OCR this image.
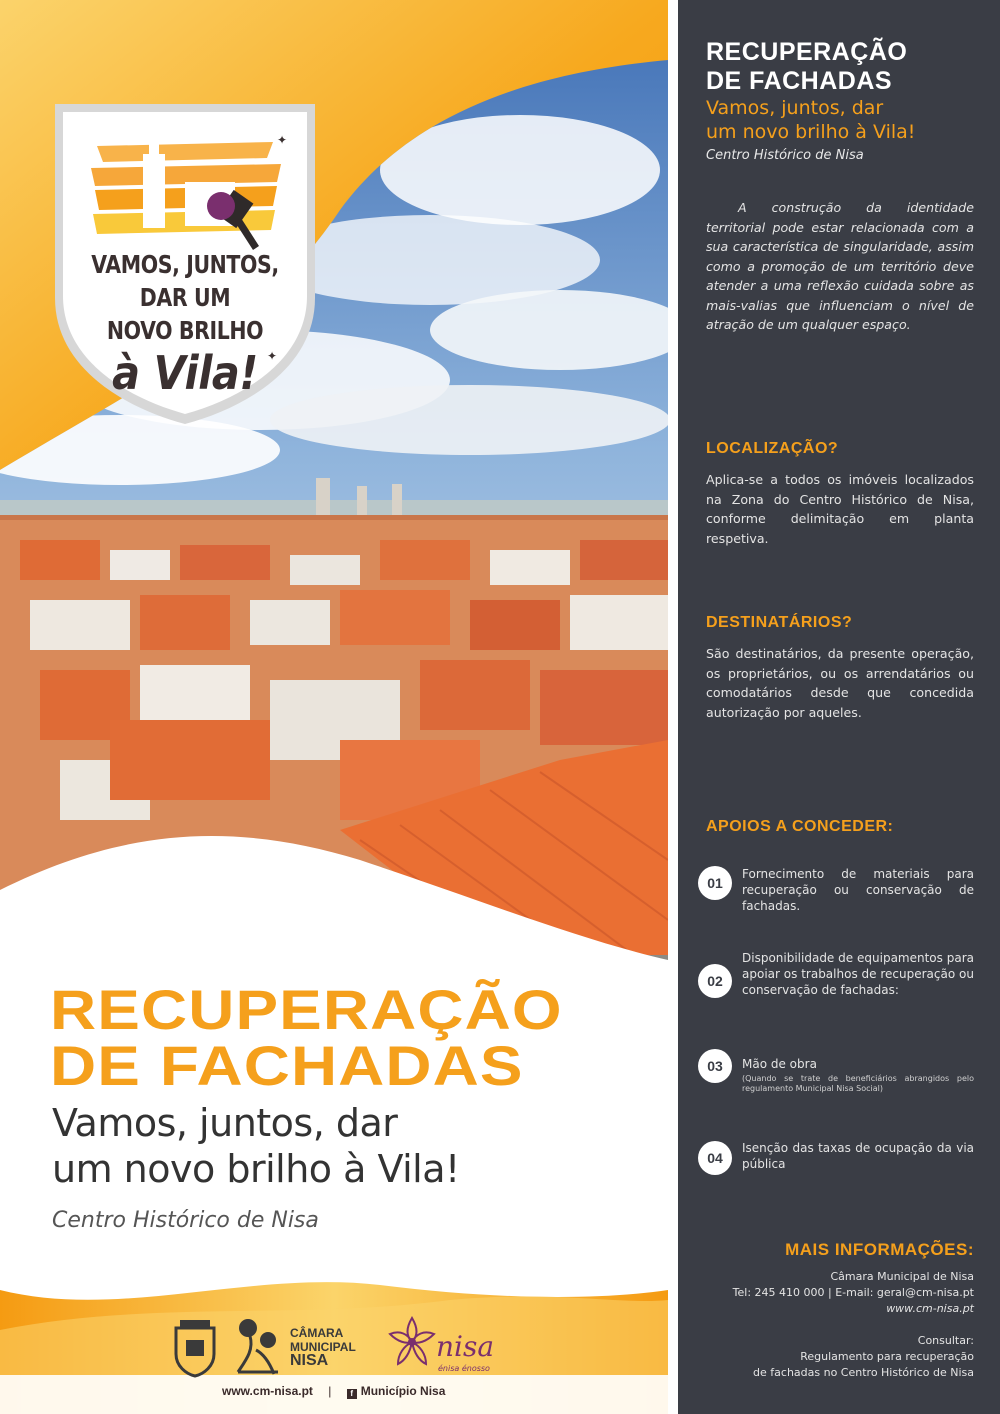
✦
✦
VAMOS, JUNTOS,
DAR UM
NOVO BRILHO
à Vila!
RECUPERAÇÃO
DE FACHADAS
Vamos, juntos, dar
um novo brilho à Vila!
Centro Histórico de Nisa
CÂMARA
MUNICIPAL
NISA	nisa
énisa énosso
www.cm-nisa.pt | f Município Nisa
RECUPERAÇÃO
DE FACHADAS
Vamos, juntos, dar
um novo brilho à Vila!
Centro Histórico de Nisa
A construção da identidade territorial pode estar relacionada com a sua característica de singularidade, assim como a promoção de um território deve atender a uma reflexão cuidada sobre as mais-valias que influenciam o nível de atração de um qualquer espaço.
LOCALIZAÇÃO?
Aplica-se a todos os imóveis localizados na Zona do Centro Histórico de Nisa, conforme delimitação em planta respetiva.
DESTINATÁRIOS?
São destinatários, da presente operação, os proprietários, ou os arrendatários ou comodatários desde que concedida autorização por aqueles.
APOIOS A CONCEDER:
01
Fornecimento de materiais para recuperação ou conservação de fachadas.
02
Disponibilidade de equipamentos para apoiar os trabalhos de recuperação ou conservação de fachadas:
03	Mão de obra
(Quando se trate de beneficiários abrangidos pelo regulamento Municipal Nisa Social)
04
Isenção das taxas de ocupação da via pública
MAIS INFORMAÇÕES:
Câmara Municipal de Nisa
Tel: 245 410 000 | E-mail: geral@cm-nisa.pt
www.cm-nisa.pt
Consultar:
Regulamento para recuperação
de fachadas no Centro Histórico de Nisa
